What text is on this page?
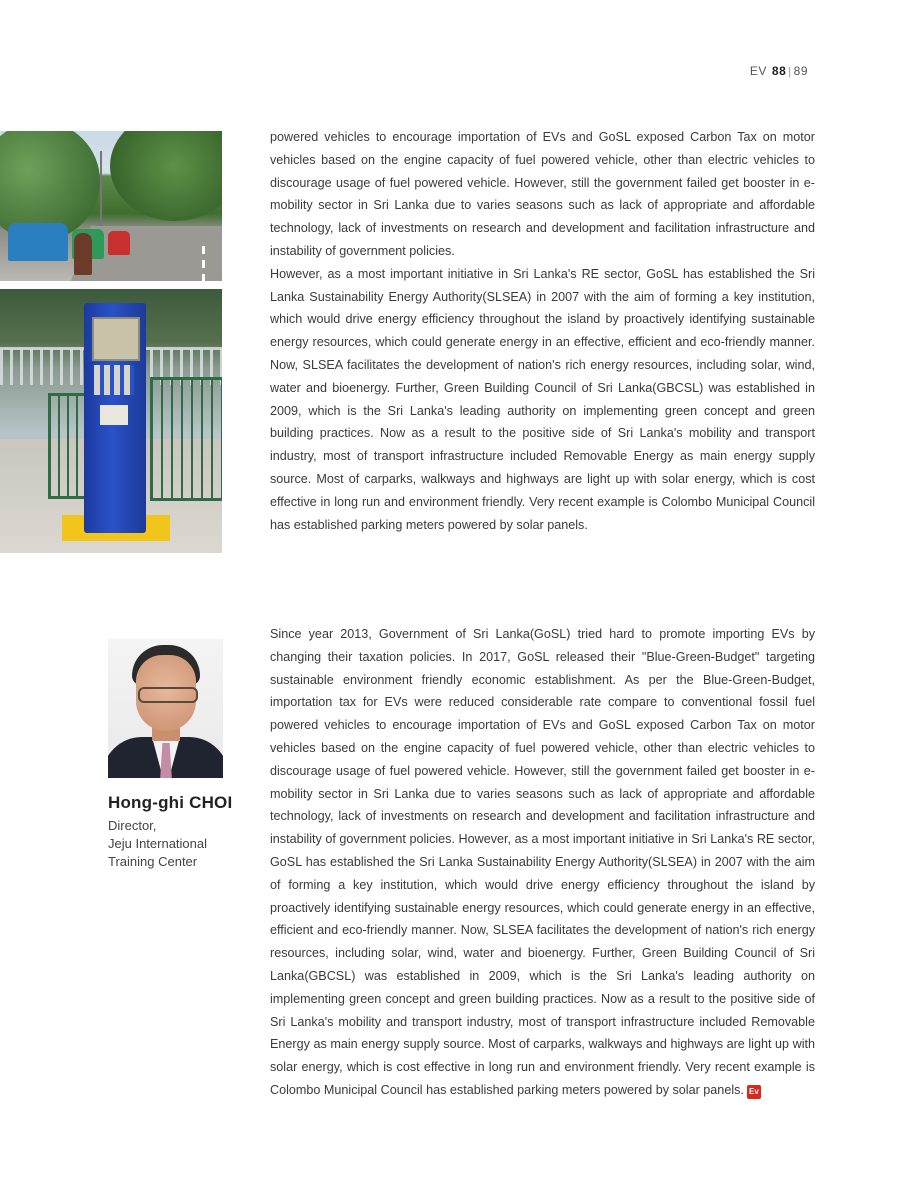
EV 88 | 89

powered vehicles to encourage importation of EVs and GoSL exposed Carbon Tax on motor vehicles based on the engine capacity of fuel powered vehicle, other than electric vehicles to discourage usage of fuel powered vehicle. However, still the government failed get booster in e-mobility sector in Sri Lanka due to varies seasons such as lack of appropriate and affordable technology, lack of investments on research and development and facilitation infrastructure and instability of government policies.

However, as a most important initiative in Sri Lanka's RE sector, GoSL has established the Sri Lanka Sustainability Energy Authority(SLSEA) in 2007 with the aim of forming a key institution, which would drive energy efficiency throughout the island by proactively identifying sustainable energy resources, which could generate energy in an effective, efficient and eco-friendly manner. Now, SLSEA facilitates the development of nation's rich energy resources, including solar, wind, water and bioenergy. Further, Green Building Council of Sri Lanka(GBCSL) was established in 2009, which is the Sri Lanka's leading authority on implementing green concept and green building practices. Now as a result to the positive side of Sri Lanka's mobility and transport industry, most of transport infrastructure included Removable Energy as main energy supply source. Most of carparks, walkways and highways are light up with solar energy, which is cost effective in long run and environment friendly. Very recent example is Colombo Municipal Council has established parking meters powered by solar panels.

Hong-ghi CHOI
Director,
Jeju International
Training Center

Since year 2013, Government of Sri Lanka(GoSL) tried hard to promote importing EVs by changing their taxation policies. In 2017, GoSL released their "Blue-Green-Budget" targeting sustainable environment friendly economic establishment. As per the Blue-Green-Budget, importation tax for EVs were reduced considerable rate compare to conventional fossil fuel powered vehicles to encourage importation of EVs and GoSL exposed Carbon Tax on motor vehicles based on the engine capacity of fuel powered vehicle, other than electric vehicles to discourage usage of fuel powered vehicle. However, still the government failed get booster in e-mobility sector in Sri Lanka due to varies seasons such as lack of appropriate and affordable technology, lack of investments on research and development and facilitation infrastructure and instability of government policies. However, as a most important initiative in Sri Lanka's RE sector, GoSL has established the Sri Lanka Sustainability Energy Authority(SLSEA) in 2007 with the aim of forming a key institution, which would drive energy efficiency throughout the island by proactively identifying sustainable energy resources, which could generate energy in an effective, efficient and eco-friendly manner. Now, SLSEA facilitates the development of nation's rich energy resources, including solar, wind, water and bioenergy. Further, Green Building Council of Sri Lanka(GBCSL) was established in 2009, which is the Sri Lanka's leading authority on implementing green concept and green building practices. Now as a result to the positive side of Sri Lanka's mobility and transport industry, most of transport infrastructure included Removable Energy as main energy supply source. Most of carparks, walkways and highways are light up with solar energy, which is cost effective in long run and environment friendly. Very recent example is Colombo Municipal Council has established parking meters powered by solar panels. Ev
